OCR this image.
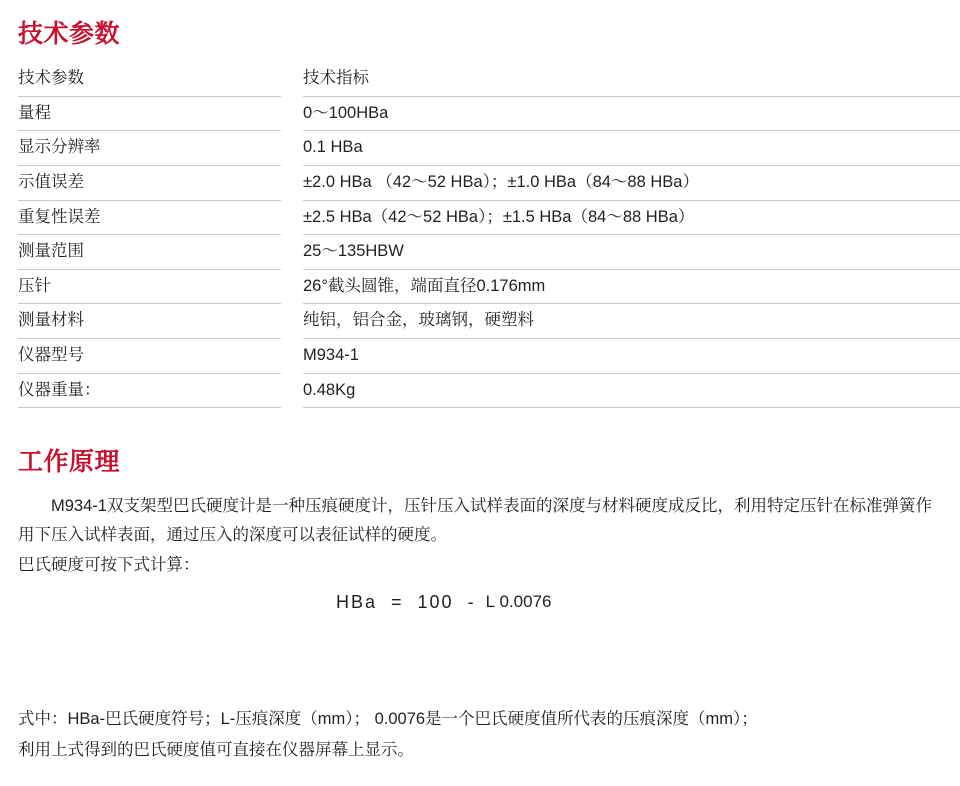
技术参数
技术参数		技术指标
量程		0～100HBa
显示分辨率		0.1 HBa
示值误差		±2.0 HBa （42～52 HBa）；±1.0 HBa（84～88 HBa）
重复性误差		±2.5 HBa（42～52 HBa）；±1.5 HBa（84～88 HBa）
测量范围		25～135HBW
压针		26°截头圆锥，端面直径0.176mm
测量材料		纯铝，铝合金，玻璃钢，硬塑料
仪器型号		M934-1
仪器重量：		0.48Kg
工作原理

M934-1双支架型巴氏硬度计是一种压痕硬度计，压针压入试样表面的深度与材料硬度成反比，利用特定压针在标准弹簧作用下压入试样表面，通过压入的深度可以表征试样的硬度。

巴氏硬度可按下式计算：

HBa  =  100  - L 0.0076

式中：HBa-巴氏硬度符号；L-压痕深度（mm）； 0.0076是一个巴氏硬度值所代表的压痕深度（mm）；

利用上式得到的巴氏硬度值可直接在仪器屏幕上显示。
